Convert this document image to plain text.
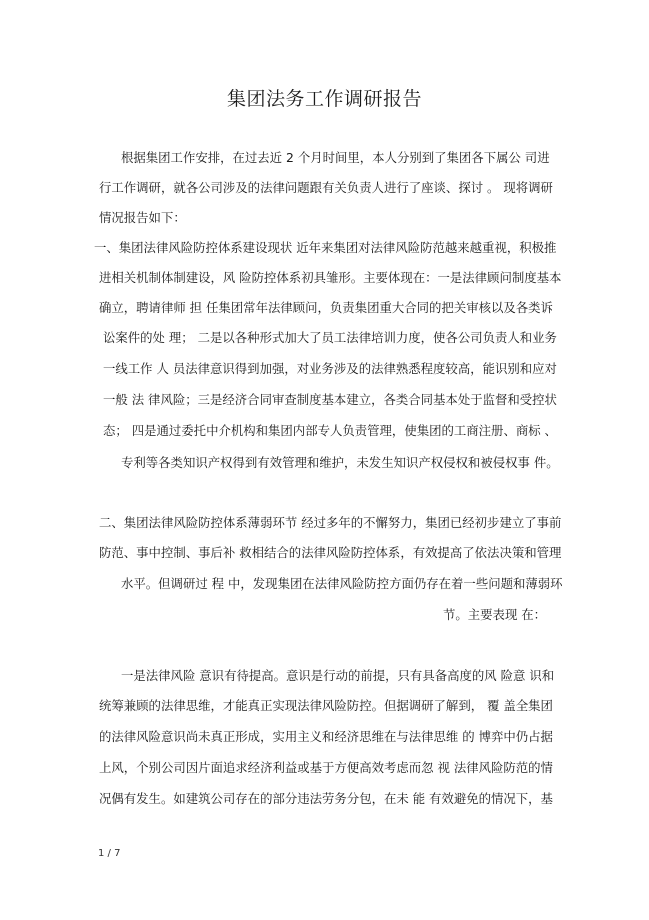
集团法务工作调研报告
根据集团工作安排，在过去近 2 个月时间里，本人分别到了集团各下属公 司进
行工作调研，就各公司涉及的法律问题跟有关负责人进行了座谈、探讨 。 现将调研
情况报告如下：
一、集团法律风险防控体系建设现状 近年来集团对法律风险防范越来越重视，积极推
进相关机制体制建设，风 险防控体系初具雏形。主要体现在：一是法律顾问制度基本
确立，聘请律师 担 任集团常年法律顾问，负责集团重大合同的把关审核以及各类诉
讼案件的处 理； 二是以各种形式加大了员工法律培训力度，使各公司负责人和业务
一线工作 人 员法律意识得到加强，对业务涉及的法律熟悉程度较高，能识别和应对
一般 法 律风险；三是经济合同审查制度基本建立，各类合同基本处于监督和受控状
态； 四是通过委托中介机构和集团内部专人负责管理，使集团的工商注册、商标 、
专利等各类知识产权得到有效管理和维护，未发生知识产权侵权和被侵权事 件。
二、集团法律风险防控体系薄弱环节 经过多年的不懈努力，集团已经初步建立了事前
防范、事中控制、事后补 救相结合的法律风险防控体系，有效提高了依法决策和管理
水平。但调研过 程 中，发现集团在法律风险防控方面仍存在着一些问题和薄弱环
节。主要表现 在：
一是法律风险 意识有待提高。意识是行动的前提，只有具备高度的风 险意 识和
统筹兼顾的法律思维，才能真正实现法律风险防控。但据调研了解到， 覆 盖全集团
的法律风险意识尚未真正形成，实用主义和经济思维在与法律思维 的 博弈中仍占据
上风，个别公司因片面追求经济利益或基于方便高效考虑而忽 视 法律风险防范的情
况偶有发生。如建筑公司存在的部分违法劳务分包，在未 能 有效避免的情况下，基
1 / 7
